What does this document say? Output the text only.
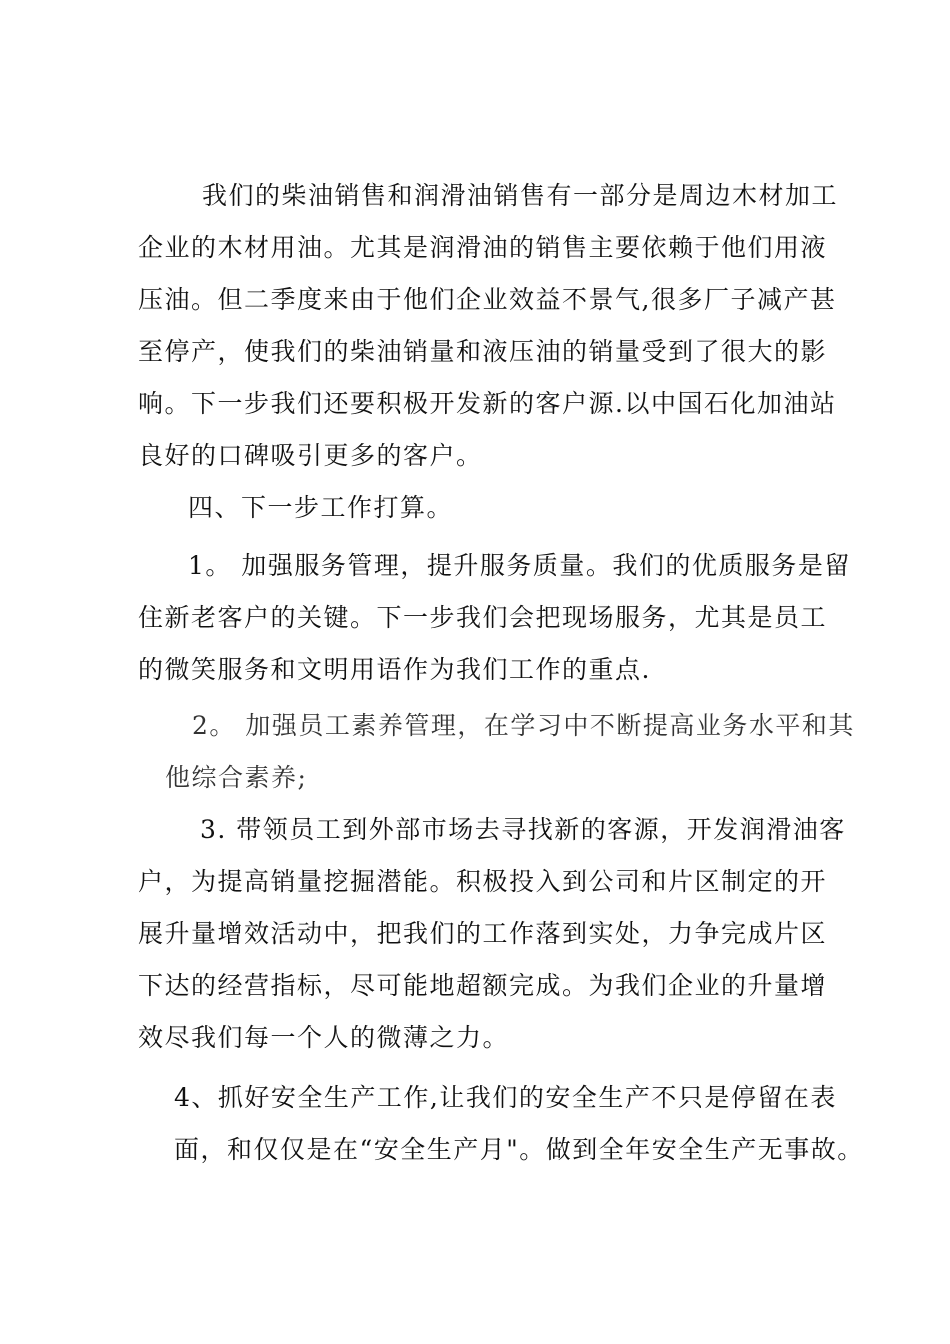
我们的柴油销售和润滑油销售有一部分是周边木材加工

企业的木材用油。尤其是润滑油的销售主要依赖于他们用液

压油。但二季度来由于他们企业效益不景气,很多厂子减产甚

至停产，使我们的柴油销量和液压油的销量受到了很大的影

响。下一步我们还要积极开发新的客户源.以中国石化加油站

良好的口碑吸引更多的客户。

四、下一步工作打算。

1。 加强服务管理，提升服务质量。我们的优质服务是留

住新老客户的关键。下一步我们会把现场服务，尤其是员工

的微笑服务和文明用语作为我们工作的重点.

2。 加强员工素养管理，在学习中不断提高业务水平和其

他综合素养;

3. 带领员工到外部市场去寻找新的客源，开发润滑油客

户，为提高销量挖掘潜能。积极投入到公司和片区制定的开

展升量增效活动中，把我们的工作落到实处，力争完成片区

下达的经营指标，尽可能地超额完成。为我们企业的升量增

效尽我们每一个人的微薄之力。

4、抓好安全生产工作,让我们的安全生产不只是停留在表

面，和仅仅是在“安全生产月"。做到全年安全生产无事故。
